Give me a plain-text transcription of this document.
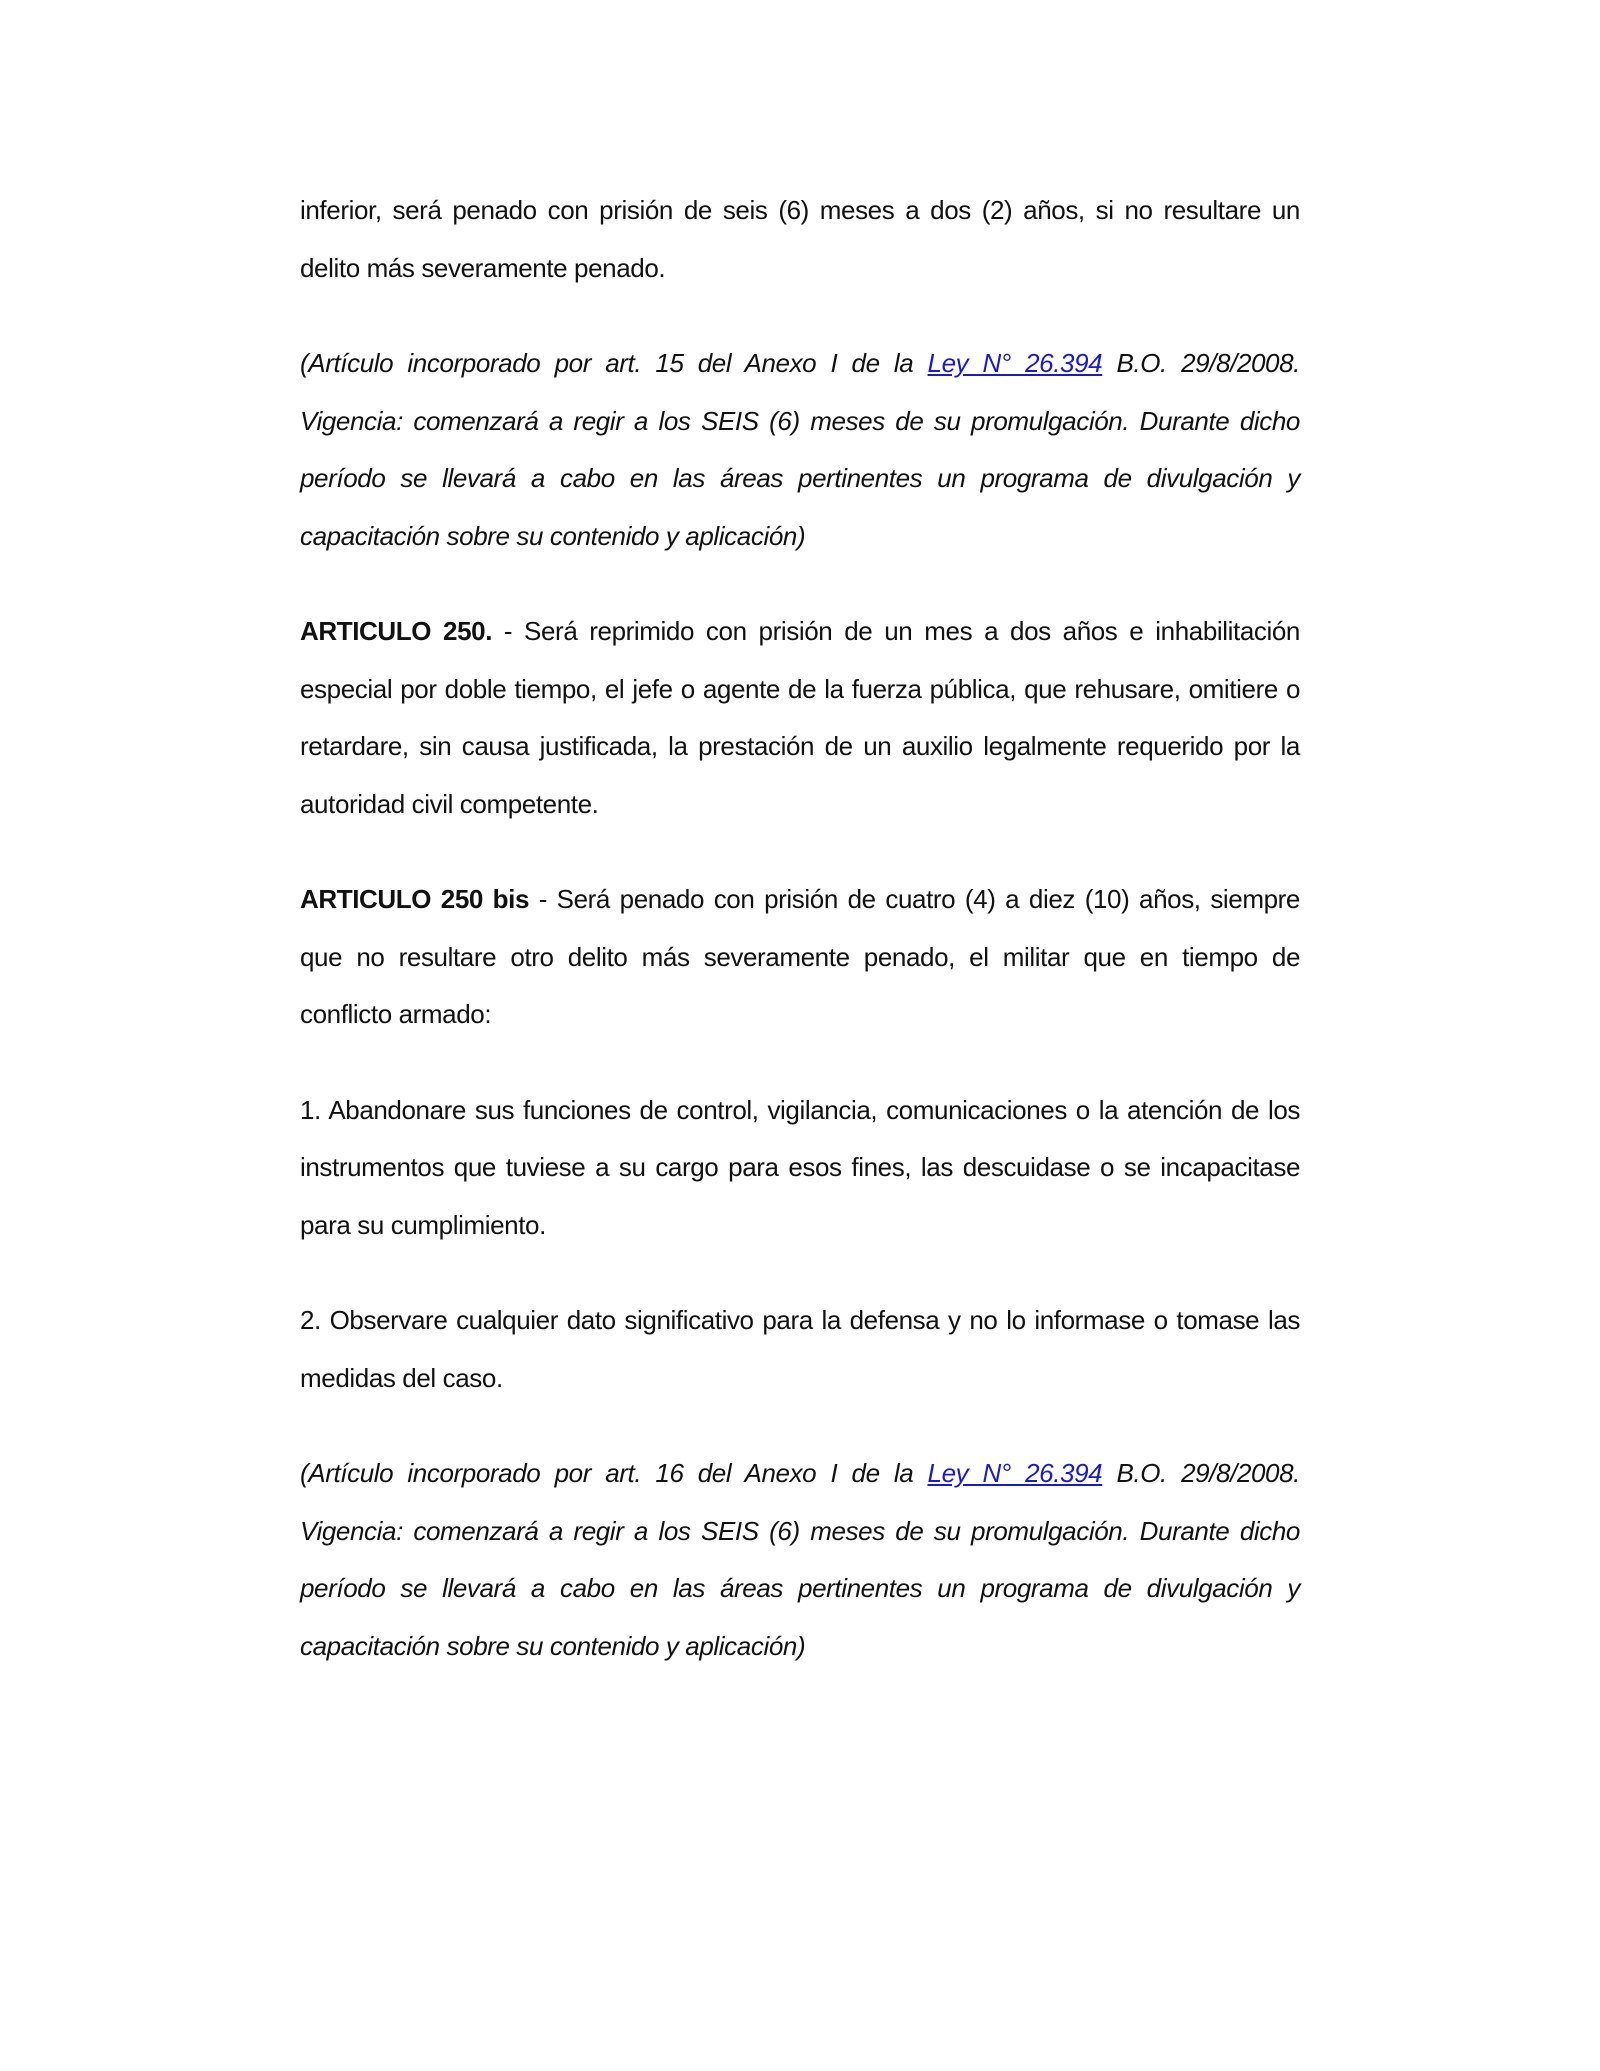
inferior, será penado con prisión de seis (6) meses a dos (2) años, si no resultare un delito más severamente penado.

(Artículo incorporado por art. 15 del Anexo I de la Ley N° 26.394 B.O. 29/8/2008. Vigencia: comenzará a regir a los SEIS (6) meses de su promulgación. Durante dicho período se llevará a cabo en las áreas pertinentes un programa de divulgación y capacitación sobre su contenido y aplicación)

ARTICULO 250. - Será reprimido con prisión de un mes a dos años e inhabilitación especial por doble tiempo, el jefe o agente de la fuerza pública, que rehusare, omitiere o retardare, sin causa justificada, la prestación de un auxilio legalmente requerido por la autoridad civil competente.

ARTICULO 250 bis - Será penado con prisión de cuatro (4) a diez (10) años, siempre que no resultare otro delito más severamente penado, el militar que en tiempo de conflicto armado:

1. Abandonare sus funciones de control, vigilancia, comunicaciones o la atención de los instrumentos que tuviese a su cargo para esos fines, las descuidase o se incapacitase para su cumplimiento.

2. Observare cualquier dato significativo para la defensa y no lo informase o tomase las medidas del caso.

(Artículo incorporado por art. 16 del Anexo I de la Ley N° 26.394 B.O. 29/8/2008. Vigencia: comenzará a regir a los SEIS (6) meses de su promulgación. Durante dicho período se llevará a cabo en las áreas pertinentes un programa de divulgación y capacitación sobre su contenido y aplicación)
